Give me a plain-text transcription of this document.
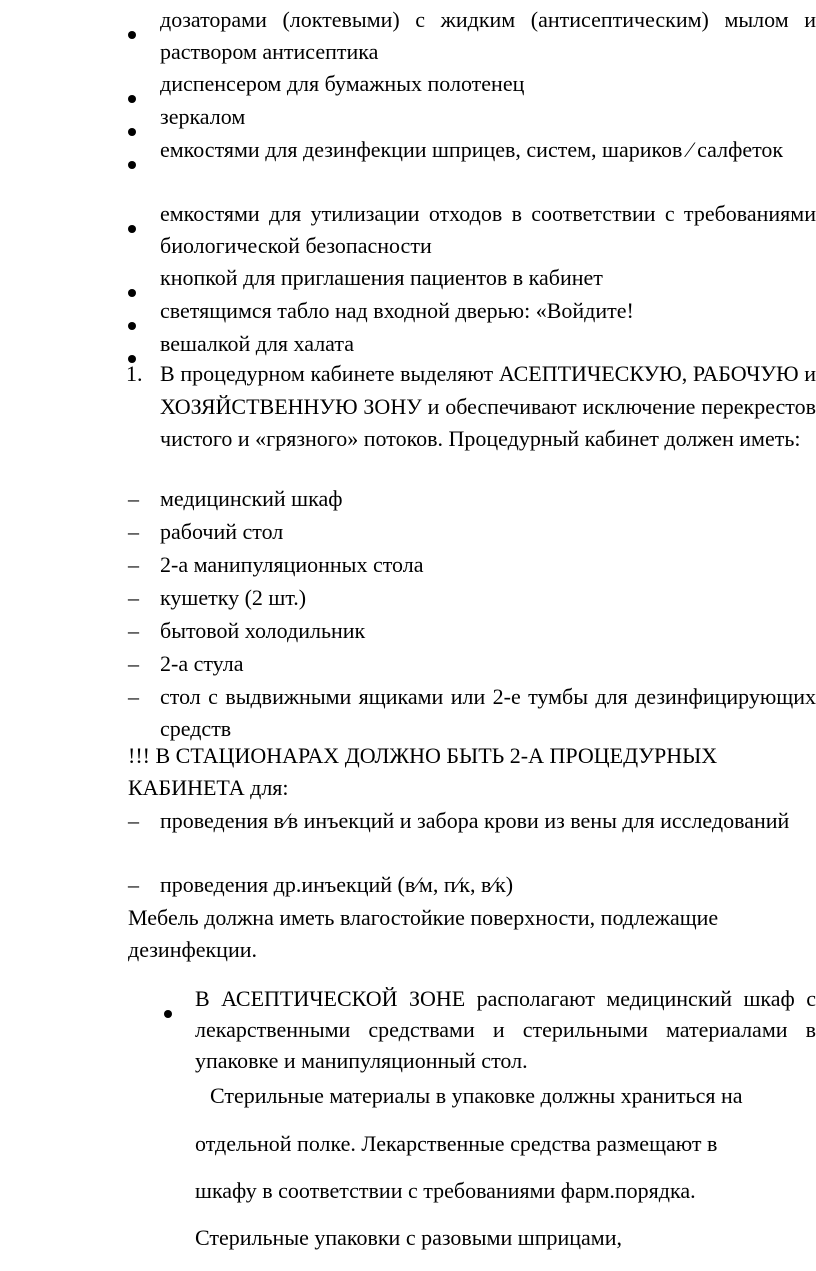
дозаторами (локтевыми) с жидким (антисептическим) мылом и раствором антисептика
диспенсером для бумажных полотенец
зеркалом
емкостями для дезинфекции шприцев, систем, шариков ⁄ салфеток
емкостями для утилизации отходов в соответствии с требованиями биологической безопасности
кнопкой для приглашения пациентов в кабинет
светящимся табло над входной дверью: «Войдите!
вешалкой для халата
1. В процедурном кабинете выделяют АСЕПТИЧЕСКУЮ, РАБОЧУЮ и ХОЗЯЙСТВЕННУЮ ЗОНУ и обеспечивают исключение перекрестов чистого и «грязного» потоков. Процедурный кабинет должен иметь:
– медицинский шкаф
– рабочий стол
– 2-а манипуляционных стола
– кушетку (2 шт.)
– бытовой холодильник
– 2-а стула
– стол с выдвижными ящиками или 2-е тумбы для дезинфицирующих средств
!!! В СТАЦИОНАРАХ ДОЛЖНО БЫТЬ 2-А ПРОЦЕДУРНЫХ КАБИНЕТА для:
– проведения в⁄в инъекций и забора крови из вены для исследований
– проведения др.инъекций (в⁄м, п⁄к, в⁄к)
Мебель должна иметь влагостойкие поверхности, подлежащие дезинфекции.
В АСЕПТИЧЕСКОЙ ЗОНЕ располагают медицинский шкаф с лекарственными средствами и стерильными материалами в упаковке и манипуляционный стол.
Стерильные материалы в упаковке должны храниться на
отдельной полке. Лекарственные средства размещают в
шкафу в соответствии с требованиями фарм.порядка.
Стерильные упаковки с разовыми шприцами,
